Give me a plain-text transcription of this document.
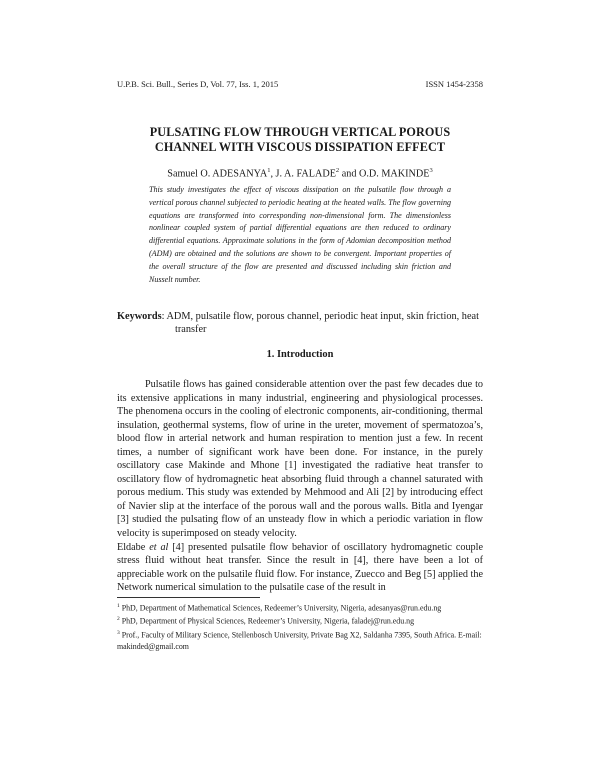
U.P.B. Sci. Bull., Series D, Vol. 77, Iss. 1, 2015	ISSN 1454-2358
PULSATING FLOW THROUGH VERTICAL POROUS
CHANNEL WITH VISCOUS DISSIPATION EFFECT
Samuel O. ADESANYA$^1$, J. A. FALADE$^2$ and O.D. MAKINDE$^3$
This study investigates the effect of viscous dissipation on the pulsatile flow through a vertical porous channel subjected to periodic heating at the heated walls. The flow governing equations are transformed into corresponding non-dimensional form. The dimensionless nonlinear coupled system of partial differential equations are then reduced to ordinary differential equations. Approximate solutions in the form of Adomian decomposition method (ADM) are obtained and the solutions are shown to be convergent. Important properties of the overall structure of the flow are presented and discussed including skin friction and Nusselt number.
Keywords: ADM, pulsatile flow, porous channel, periodic heat input, skin friction, heat transfer
1. Introduction

Pulsatile flows has gained considerable attention over the past few decades due to its extensive applications in many industrial, engineering and physiological processes. The phenomena occurs in the cooling of electronic components, air-conditioning, thermal insulation, geothermal systems, flow of urine in the ureter, movement of spermatozoa’s, blood flow in arterial network and human respiration to mention just a few. In recent times, a number of significant work have been done. For instance, in the purely oscillatory case Makinde and Mhone [1] investigated the radiative heat transfer to oscillatory flow of hydromagnetic heat absorbing fluid through a channel saturated with porous medium. This study was extended by Mehmood and Ali [2] by introducing effect of Navier slip at the interface of the porous wall and the porous walls. Bitla and Iyengar [3] studied the pulsating flow of an unsteady flow in which a periodic variation in flow velocity is superimposed on steady velocity.

Eldabe et al [4] presented pulsatile flow behavior of oscillatory hydromagnetic couple stress fluid without heat transfer. Since the result in [4], there have been a lot of appreciable work on the pulsatile fluid flow. For instance, Zuecco and Beg [5] applied the Network numerical simulation to the pulsatile case of the result in

$^1$ PhD, Department of Mathematical Sciences, Redeemer’s University, Nigeria, adesanyas@run.edu.ng

$^2$ PhD, Department of Physical Sciences, Redeemer’s University, Nigeria, faladej@run.edu.ng

$^3$ Prof., Faculty of Military Science, Stellenbosch University, Private Bag X2, Saldanha 7395, South Africa. E-mail: makinded@gmail.com
